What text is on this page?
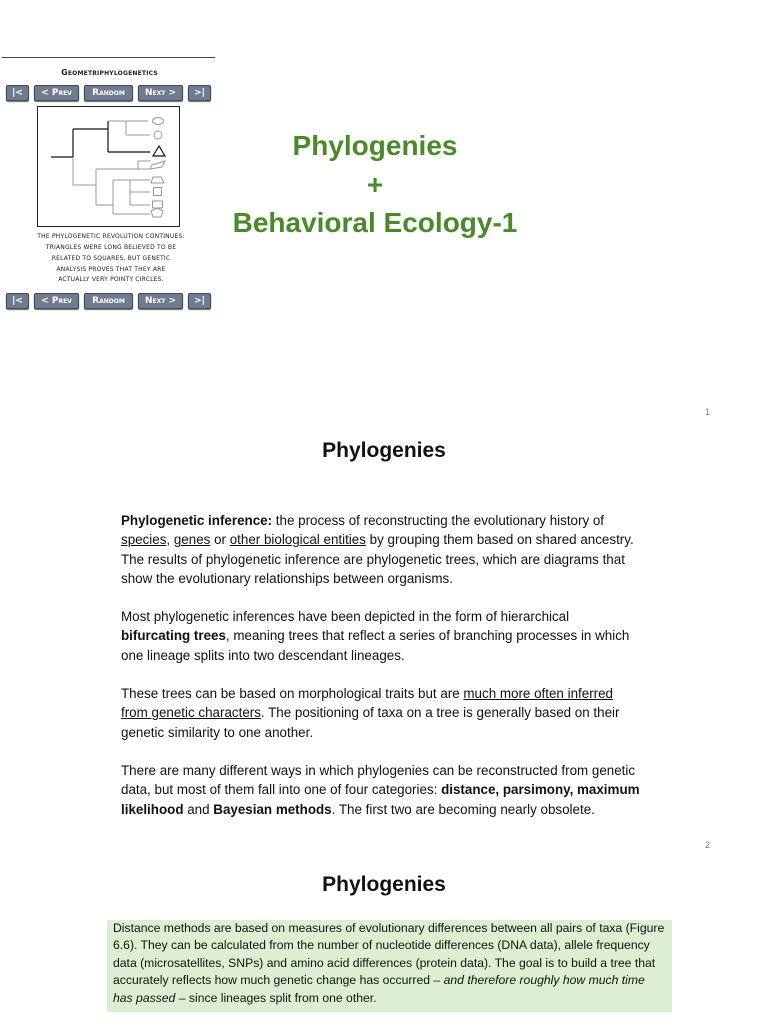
Geometriphylogenetics
|<	< Prev	Random	Next >	>|
THE PHYLOGENETIC REVOLUTION CONTINUES:
TRIANGLES WERE LONG BELIEVED TO BE
RELATED TO SQUARES, BUT GENETIC
ANALYSIS PROVES THAT THEY ARE
ACTUALLY VERY POINTY CIRCLES.
|<	< Prev	Random	Next >	>|
Phylogenies
+
Behavioral Ecology-1
1
Phylogenies

Phylogenetic inference: the process of reconstructing the evolutionary history of species, genes or other biological entities by grouping them based on shared ancestry. The results of phylogenetic inference are phylogenetic trees, which are diagrams that show the evolutionary relationships between organisms.

Most phylogenetic inferences have been depicted in the form of hierarchical bifurcating trees, meaning trees that reflect a series of branching processes in which one lineage splits into two descendant lineages.

These trees can be based on morphological traits but are much more often inferred from genetic characters. The positioning of taxa on a tree is generally based on their genetic similarity to one another.

There are many different ways in which phylogenies can be reconstructed from genetic data, but most of them fall into one of four categories: distance, parsimony, maximum likelihood and Bayesian methods. The first two are becoming nearly obsolete.

2
Phylogenies

Distance methods are based on measures of evolutionary differences between all pairs of taxa (Figure 6.6). They can be calculated from the number of nucleotide differences (DNA data), allele frequency data (microsatellites, SNPs) and amino acid differences (protein data). The goal is to build a tree that accurately reflects how much genetic change has occurred – and therefore roughly how much time has passed – since lineages split from one other.
